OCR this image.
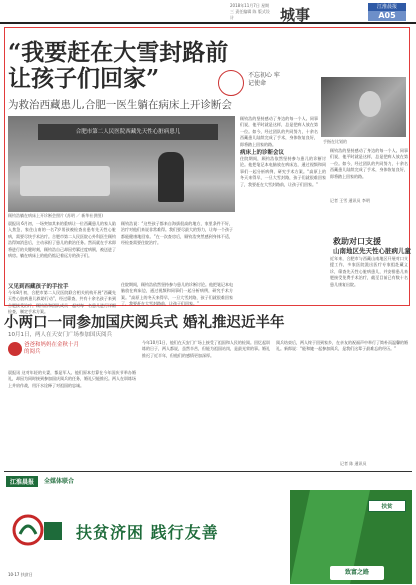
2018年11月7日 星期三 责任编辑 陈 版式设计	城事	江淮晨报
A05
“我要赶在大雪封路前
让孩子们回家”	不忘初心 牢记使命
为救治西藏患儿,合肥一医生躺在病床上开诊断会
合肥市第二人民医院西藏先天性心脏病患儿
顾钧浩躺在病床上开诊断会照片 (苏明 ／ 新华社供图)
手指在比划的
晨报讯 6月初，一场突如其来的重病让一位西藏患儿的家人陷入焦急，家住山南的一名7岁男孩被检查出患有先天性心脏病，需要尽快手术治疗。合肥市第二人民医院心外科医生顾钧浩得知消息后，主动承担了患儿的救治任务。然而就在手术即将进行的关键时刻，顾钧浩自己却因劳累过度病倒，被送进了病房。躺在病床上的他仍惦记着远方的孩子们。
又见到西藏孩子的手拉手
今年8月初，合肥市第二人民医院联合相关机构开展“西藏先天性心脏病患儿救助行动”，经过筛查，共有十余名孩子来到合肥接受治疗。顾钧浩和团队成员一起对每一名患儿进行详细检查，制定手术方案。
顾钧浩说：“这些孩子都来自海拔很高的地方，家里条件不好，治疗对他们来说非常难得。我们要尽最大的努力，让每一个孩子都能健康地回家。”在一次查房后，顾钧浩突然感到身体不适，经检查需要住院治疗。
住院期间，顾钧浩依然坚持参与患儿的诊断讨论。他把笔记本电脑放在病床边，通过视频和同事们一起分析病例，研究手术方案。“高原上的冬天来得早，一旦大雪封路，孩子们就很难回家了，我要赶在大雪封路前，让孩子们回家。”
顾钧浩的坚持感动了身边的每一个人。同事们说，他平时就是这样，总是把病人放在第一位。如今，经过团队的共同努力，十余名西藏患儿陆续完成了手术，身体恢复良好，即将踏上回家的路。
病床上的诊断会议
住院期间，顾钧浩依然坚持参与患儿的诊断讨论。他把笔记本电脑放在病床边，通过视频和同事们一起分析病例，研究手术方案。“高原上的冬天来得早，一旦大雪封路，孩子们就很难回家了，我要赶在大雪封路前，让孩子们回家。”
顾钧浩的坚持感动了身边的每一个人。同事们说，他平时就是这样，总是把病人放在第一位。如今，经过团队的共同努力，十余名西藏患儿陆续完成了手术，身体恢复良好，即将踏上回家的路。
记者 王雪 通讯员 李明
救助对口支援
山南地区先天性心脏病儿童
近年来，合肥市与西藏山南地区开展对口支援工作，多家医院派出医疗专家组赴藏义诊，筛查先天性心脏病患儿，并安排患儿来肥接受免费手术治疗，截至目前已有数十名患儿康复出院。
小两口一同参加国庆阅兵式 婚礼推迟近半年
10月1日，两人在天安门广场参加国庆阅兵
爸爸和妈妈在金秋十月的阅兵
晨报讯 这对年轻的夫妻，都是军人。他们原本打算在今年国庆节举办婚礼，却因为同时接到参加国庆阅兵的任务，婚礼只能推迟。两人在训练场上并肩作战，用汗水诠释了对祖国的忠诚。
今年10月1日，他们在天安门广场上接受了祖国和人民的检阅。回忆起训练的日子，两人都说，虽然辛苦，但能为祖国站岗，是最光荣的事。婚礼推迟了近半年，但他们的感情更加深厚。
阅兵结束后，两人终于回到家乡，在亲友的祝福声中举行了简朴而温馨的婚礼。新郎说：“能和她一起参加阅兵，是我们这辈子最难忘的经历。”
记者 陈 通讯员
江淮晨报	全媒体联合
扶贫济困 践行友善
扶贫
致富之路
10·17 扶贫日
